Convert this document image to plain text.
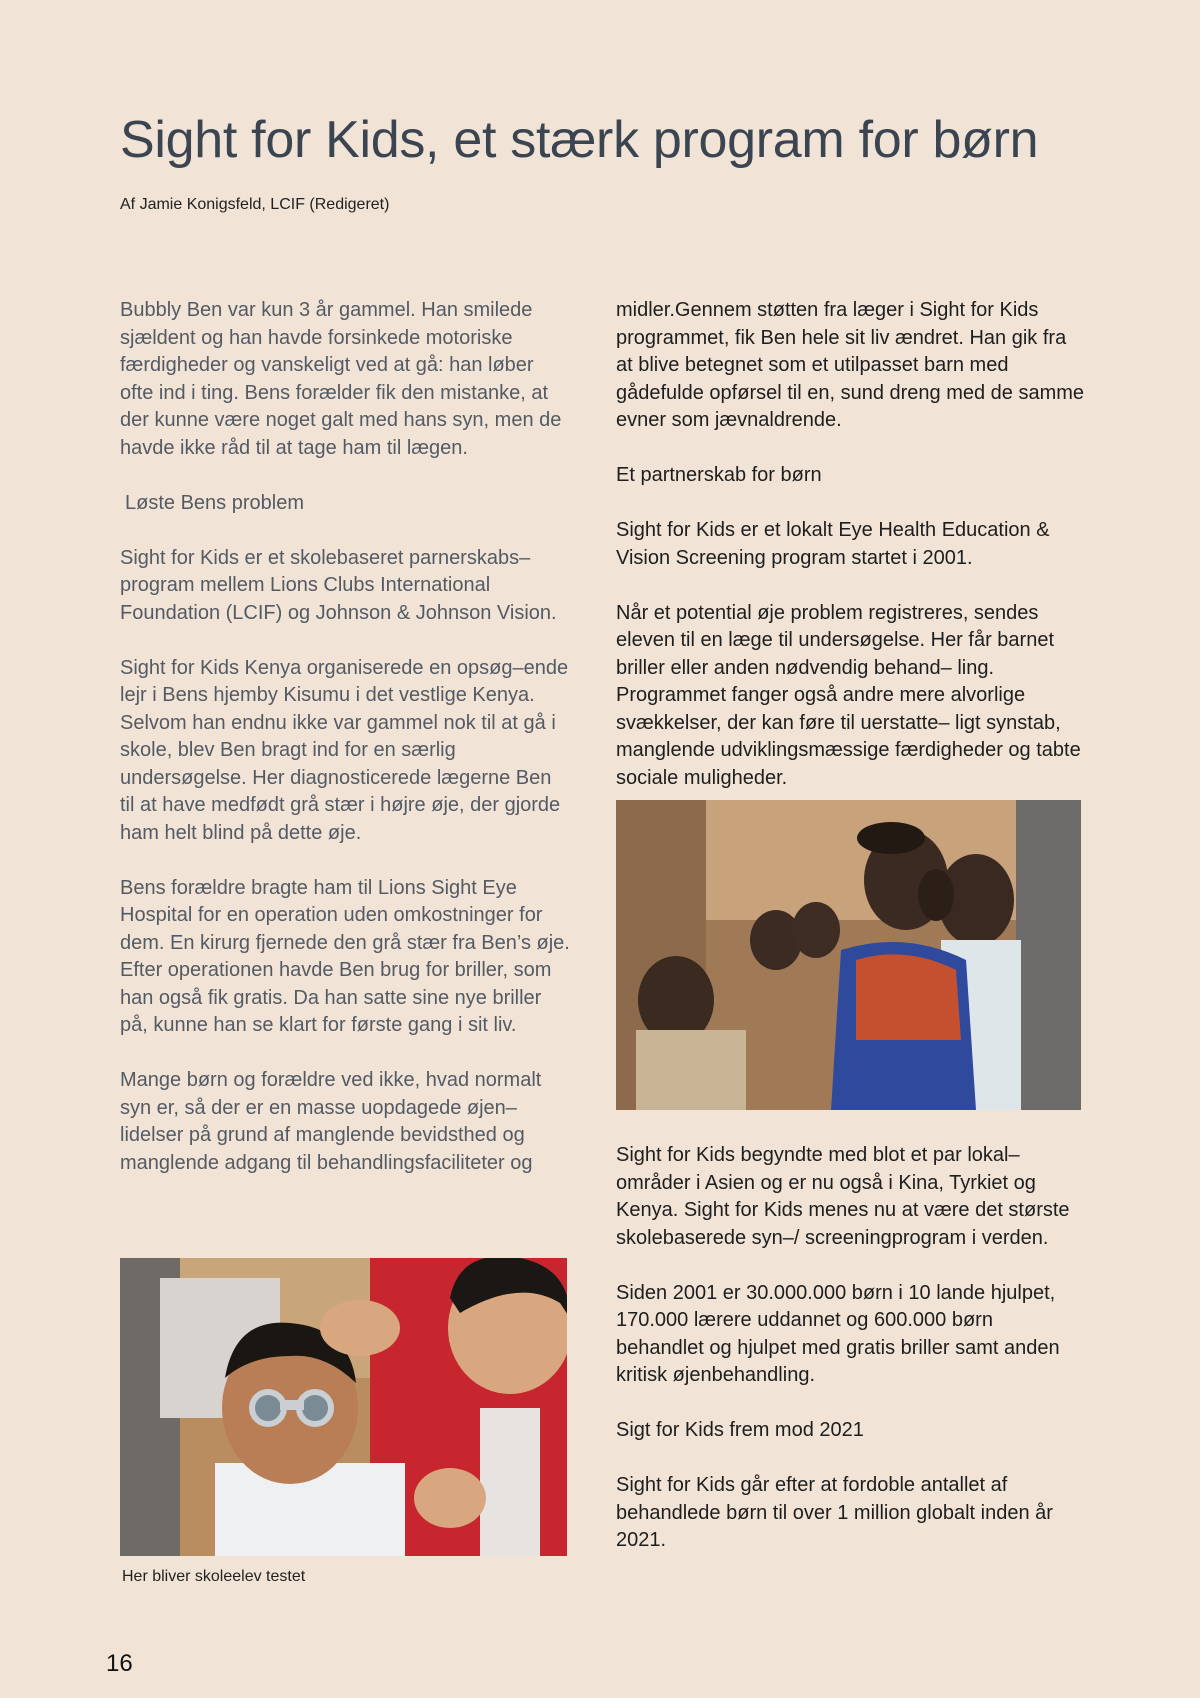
Sight for Kids, et stærk program for børn

Af Jamie Konigsfeld, LCIF (Redigeret)

Bubbly Ben var kun 3 år gammel. Han smilede sjældent og han havde forsinkede motoriske færdigheder og vanskeligt ved at gå: han løber ofte ind i ting. Bens forælder fik den mistanke, at der kunne være noget galt med hans syn, men de havde ikke råd til at tage ham til lægen.

Løste Bens problem

Sight for Kids er et skolebaseret parnerskabs–program mellem Lions Clubs International Foundation (LCIF) og Johnson & Johnson Vision.

Sight for Kids Kenya organiserede en opsøg–ende lejr i Bens hjemby Kisumu i det vestlige Kenya. Selvom han endnu ikke var gammel nok til at gå i skole, blev Ben bragt ind for en særlig undersøgelse. Her diagnosticerede lægerne Ben til at have medfødt grå stær i højre øje, der gjorde ham helt blind på dette øje.

Bens forældre bragte ham til Lions Sight Eye Hospital for en operation uden omkostninger for dem. En kirurg fjernede den grå stær fra Ben’s øje. Efter operationen havde Ben brug for briller, som han også fik gratis. Da han satte sine nye briller på, kunne han se klart for første gang i sit liv.

Mange børn og forældre ved ikke, hvad normalt syn er, så der er en masse uopdagede øjen–lidelser på grund af manglende bevidsthed og manglende adgang til behandlingsfaciliteter og

Her bliver skoleelev testet

midler.Gennem støtten fra læger i Sight for Kids programmet, fik Ben hele sit liv ændret. Han gik fra at blive betegnet som et utilpasset barn med gådefulde opførsel til en, sund dreng med de samme evner som jævnaldrende.

Et partnerskab for børn

Sight for Kids er et lokalt Eye Health Education & Vision Screening program startet i 2001.

Når et potential øje problem registreres, sendes eleven til en læge til undersøgelse. Her får barnet briller eller anden nødvendig behand– ling. Programmet fanger også andre mere alvorlige svækkelser, der kan føre til uerstatte– ligt synstab, manglende udviklingsmæssige færdigheder og tabte sociale muligheder.

Sight for Kids begyndte med blot et par lokal–områder i Asien og er nu også i Kina, Tyrkiet og Kenya. Sight for Kids menes nu at være det største skolebaserede syn–/ screeningprogram i verden.

Siden 2001 er 30.000.000 børn i 10 lande hjulpet, 170.000 lærere uddannet og 600.000 børn behandlet og hjulpet med gratis briller samt anden kritisk øjenbehandling.

Sigt for Kids frem mod 2021

Sight for Kids går efter at fordoble antallet af behandlede børn til over 1 million globalt inden år 2021.

16
